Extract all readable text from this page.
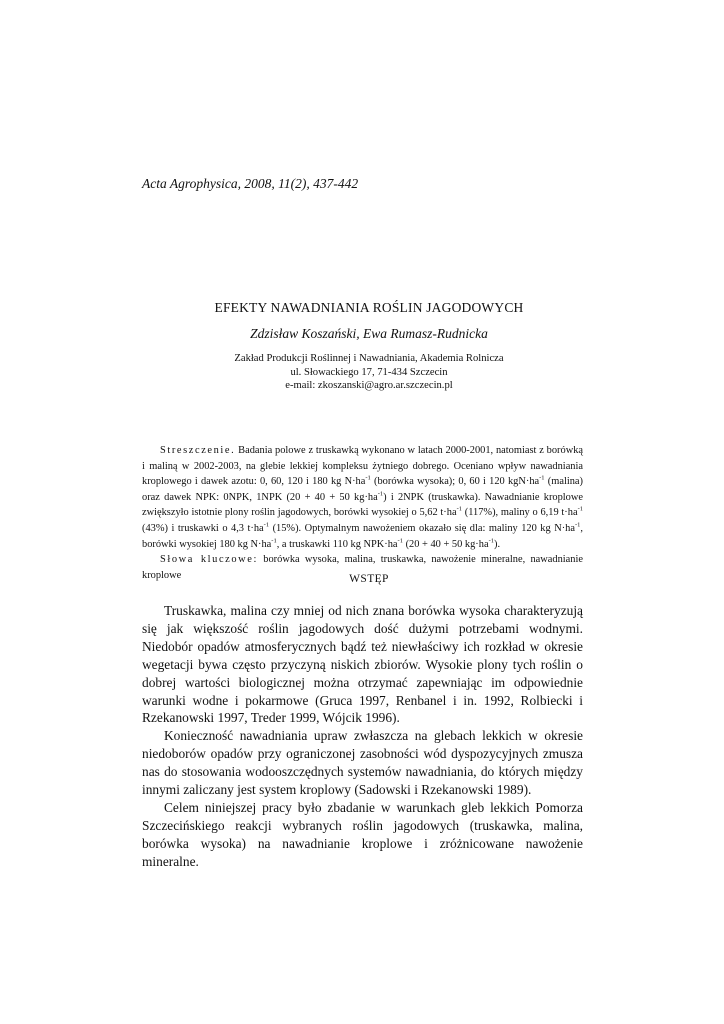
Acta Agrophysica, 2008, 11(2), 437-442
EFEKTY NAWADNIANIA ROŚLIN JAGODOWYCH
Zdzisław Koszański, Ewa Rumasz-Rudnicka
Zakład Produkcji Roślinnej i Nawadniania, Akademia Rolnicza
ul. Słowackiego 17, 71-434 Szczecin
e-mail: zkoszanski@agro.ar.szczecin.pl

Streszczenie. Badania polowe z truskawką wykonano w latach 2000-2001, natomiast z borówką i maliną w 2002-2003, na glebie lekkiej kompleksu żytniego dobrego. Oceniano wpływ nawadniania kroplowego i dawek azotu: 0, 60, 120 i 180 kg $N\cdot ha^{-1}$ (borówka wysoka); 0, 60 i 120 $kgN\cdot ha^{-1}$ (malina) oraz dawek NPK: 0NPK, 1NPK (20 + 40 + 50 $kg\cdot ha^{-1}$) i 2NPK (truskawka). Nawadnianie kroplowe zwiększyło istotnie plony roślin jagodowych, borówki wysokiej o 5,62 $t\cdot ha^{-1}$ (117%), maliny o 6,19 $t\cdot ha^{-1}$ (43%) i truskawki o 4,3 $t\cdot ha^{-1}$ (15%). Optymalnym nawożeniem okazało się dla: maliny 120 kg $N\cdot ha^{-1}$, borówki wysokiej 180 kg $N\cdot ha^{-1}$, a truskawki 110 kg $NPK\cdot ha^{-1}$ (20 + 40 + 50 $kg\cdot ha^{-1}$).

Słowa kluczowe: borówka wysoka, malina, truskawka, nawożenie mineralne, nawadnianie kroplowe	WSTĘP

Truskawka, malina czy mniej od nich znana borówka wysoka charakteryzują się jak większość roślin jagodowych dość dużymi potrzebami wodnymi. Niedobór opadów atmosferycznych bądź też niewłaściwy ich rozkład w okresie wegetacji bywa często przyczyną niskich zbiorów. Wysokie plony tych roślin o dobrej wartości biologicznej można otrzymać zapewniając im odpowiednie warunki wodne i pokarmowe (Gruca 1997, Renbanel i in. 1992, Rolbiecki i Rzekanowski 1997, Treder 1999, Wójcik 1996).

Konieczność nawadniania upraw zwłaszcza na glebach lekkich w okresie niedoborów opadów przy ograniczonej zasobności wód dyspozycyjnych zmusza nas do stosowania wodooszczędnych systemów nawadniania, do których między innymi zaliczany jest system kroplowy (Sadowski i Rzekanowski 1989).

Celem niniejszej pracy było zbadanie w warunkach gleb lekkich Pomorza Szczecińskiego reakcji wybranych roślin jagodowych (truskawka, malina, borówka wysoka) na nawadnianie kroplowe i zróżnicowane nawożenie mineralne.
